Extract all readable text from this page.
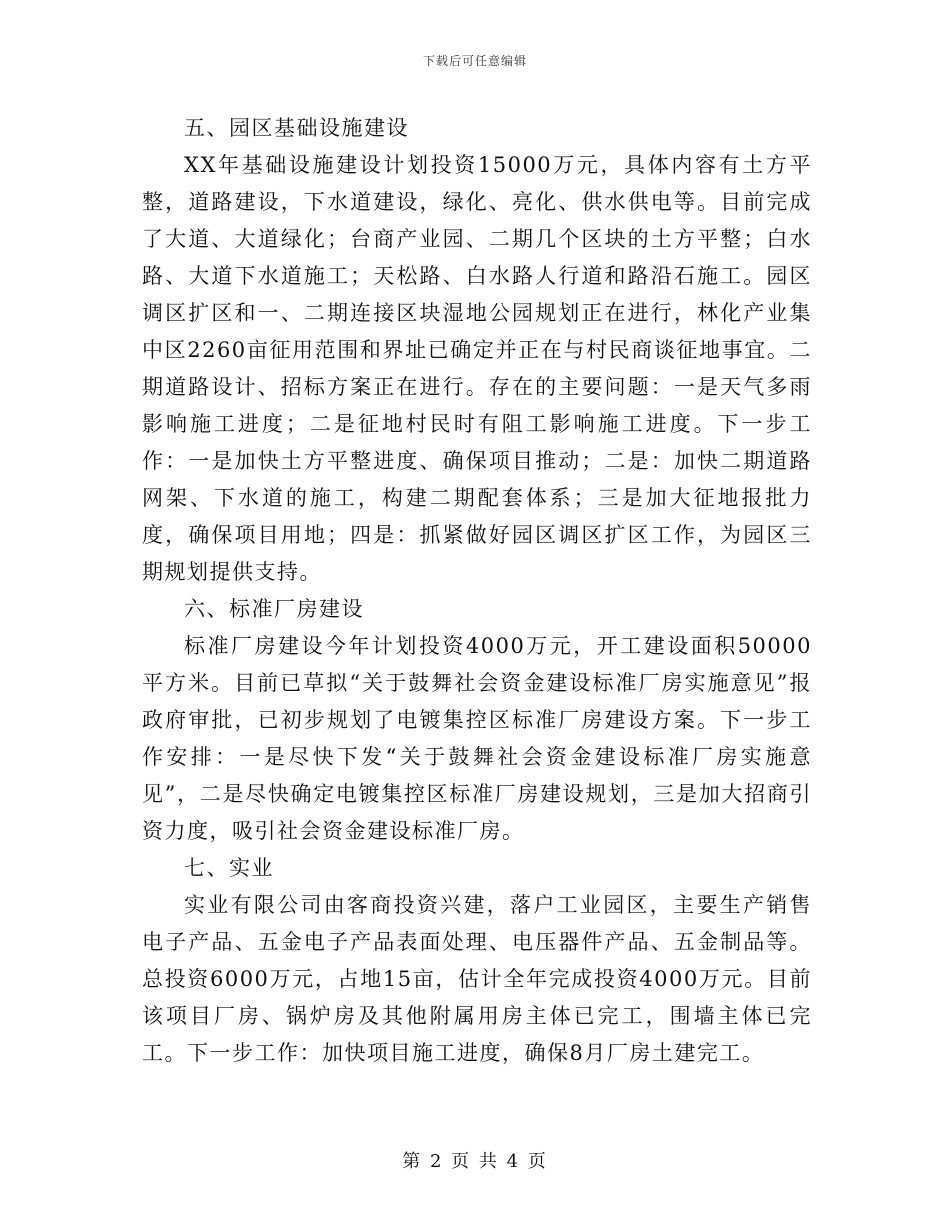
下载后可任意编辑

五、园区基础设施建设

XX年基础设施建设计划投资15000万元，具体内容有土方平整，道路建设，下水道建设，绿化、亮化、供水供电等。目前完成了大道、大道绿化；台商产业园、二期几个区块的土方平整；白水路、大道下水道施工；天松路、白水路人行道和路沿石施工。园区调区扩区和一、二期连接区块湿地公园规划正在进行，林化产业集中区2260亩征用范围和界址已确定并正在与村民商谈征地事宜。二期道路设计、招标方案正在进行。存在的主要问题：一是天气多雨影响施工进度；二是征地村民时有阻工影响施工进度。下一步工作：一是加快土方平整进度、确保项目推动；二是：加快二期道路网架、下水道的施工，构建二期配套体系；三是加大征地报批力度，确保项目用地；四是：抓紧做好园区调区扩区工作，为园区三期规划提供支持。

六、标准厂房建设

标准厂房建设今年计划投资4000万元，开工建设面积50000平方米。目前已草拟“关于鼓舞社会资金建设标准厂房实施意见”报政府审批，已初步规划了电镀集控区标准厂房建设方案。下一步工作安排：一是尽快下发“关于鼓舞社会资金建设标准厂房实施意见”，二是尽快确定电镀集控区标准厂房建设规划，三是加大招商引资力度，吸引社会资金建设标准厂房。

七、实业

实业有限公司由客商投资兴建，落户工业园区，主要生产销售电子产品、五金电子产品表面处理、电压器件产品、五金制品等。总投资6000万元，占地15亩，估计全年完成投资4000万元。目前该项目厂房、锅炉房及其他附属用房主体已完工，围墙主体已完工。下一步工作：加快项目施工进度，确保8月厂房土建完工。

第 2 页 共 4 页
